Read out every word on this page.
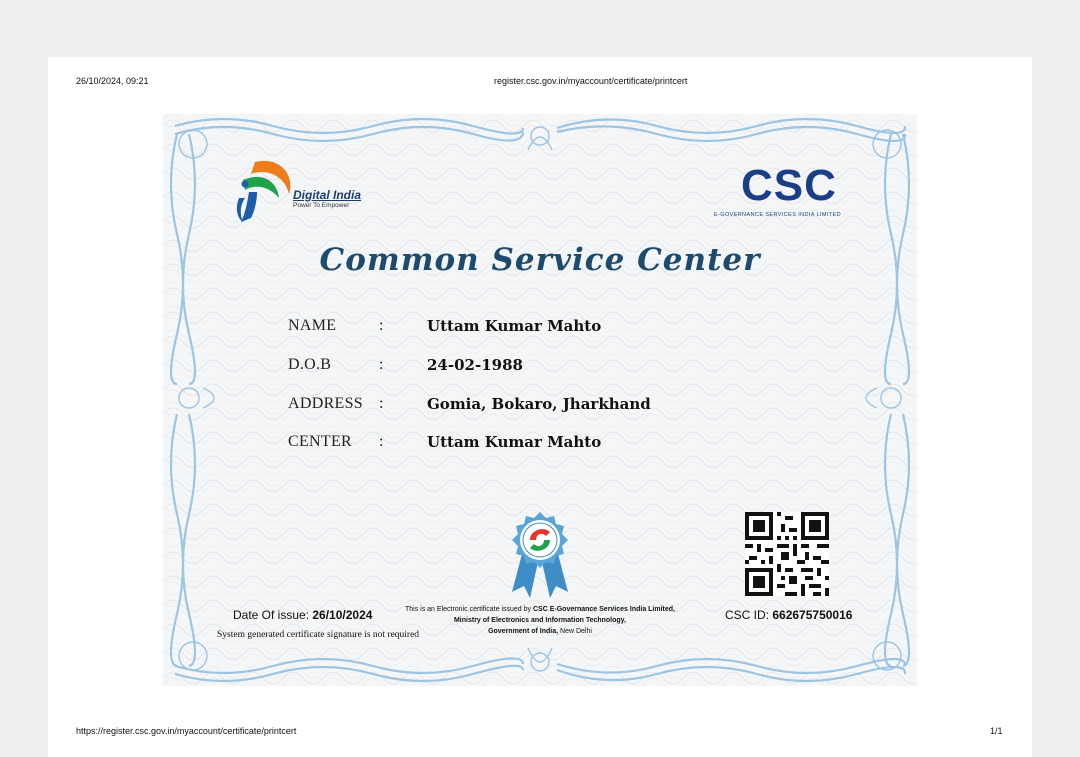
26/10/2024, 09:21	register.csc.gov.in/myaccount/certificate/printcert
https://register.csc.gov.in/myaccount/certificate/printcert	1/1
Digital India
Power To Empower	CSC
E-GOVERNANCE SERVICES INDIA LIMITED
Common Service Center
NAME	:	Uttam Kumar Mahto
D.O.B	:	24-02-1988
ADDRESS :	Gomia, Bokaro, Jharkhand
CENTER :	Uttam Kumar Mahto
Date Of issue: 26/10/2024
System generated certificate signature is not required
This is an Electronic certificate issued by CSC E-Governance Services India Limited,
Ministry of Electronics and Information Technology,
Government of India, New Delhi
CSC ID: 662675750016
